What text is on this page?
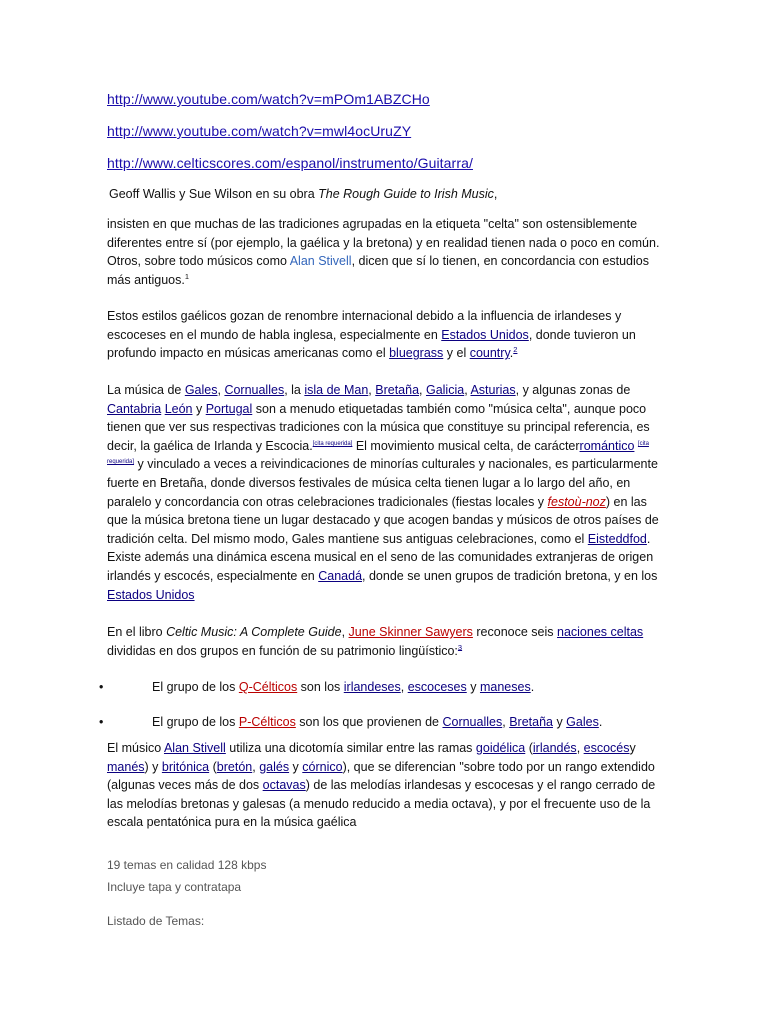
http://www.youtube.com/watch?v=mPOm1ABZCHo
http://www.youtube.com/watch?v=mwl4ocUruZY
http://www.celticscores.com/espanol/instrumento/Guitarra/
Geoff Wallis y Sue Wilson en su obra The Rough Guide to Irish Music,

insisten en que muchas de las tradiciones agrupadas en la etiqueta "celta" son ostensiblemente diferentes entre sí (por ejemplo, la gaélica y la bretona) y en realidad tienen nada o poco en común. Otros, sobre todo músicos como Alan Stivell, dicen que sí lo tienen, en concordancia con estudios más antiguos.$^1$

Estos estilos gaélicos gozan de renombre internacional debido a la influencia de irlandeses y escoceses en el mundo de habla inglesa, especialmente en Estados Unidos, donde tuvieron un profundo impacto en músicas americanas como el bluegrass y el country.$^2$

La música de Gales, Cornualles, la isla de Man, Bretaña, Galicia, Asturias, y algunas zonas de Cantabria León y Portugal son a menudo etiquetadas también como "música celta", aunque poco tienen que ver sus respectivas tradiciones con la música que constituye su principal referencia, es decir, la gaélica de Irlanda y Escocia.[cita requerida] El movimiento musical celta, de carácterromántico [cita requerida] y vinculado a veces a reivindicaciones de minorías culturales y nacionales, es particularmente fuerte en Bretaña, donde diversos festivales de música celta tienen lugar a lo largo del año, en paralelo y concordancia con otras celebraciones tradicionales (fiestas locales y festoù-noz) en las que la música bretona tiene un lugar destacado y que acogen bandas y músicos de otros países de tradición celta. Del mismo modo, Gales mantiene sus antiguas celebraciones, como el Eisteddfod. Existe además una dinámica escena musical en el seno de las comunidades extranjeras de origen irlandés y escocés, especialmente en Canadá, donde se unen grupos de tradición bretona, y en los Estados Unidos

En el libro Celtic Music: A Complete Guide, June Skinner Sawyers reconoce seis naciones celtas divididas en dos grupos en función de su patrimonio lingüístico:$^3$

•	El grupo de los Q-Célticos son los irlandeses, escoceses y maneses.
•	El grupo de los P-Célticos son los que provienen de Cornualles, Bretaña y Gales.

El músico Alan Stivell utiliza una dicotomía similar entre las ramas goidélica (irlandés, escocésy manés) y britónica (bretón, galés y córnico), que se diferencian "sobre todo por un rango extendido (algunas veces más de dos octavas) de las melodías irlandesas y escocesas y el rango cerrado de las melodías bretonas y galesas (a menudo reducido a media octava), y por el frecuente uso de la escala pentatónica pura en la música gaélica

19 temas en calidad 128 kbps
Incluye tapa y contratapa
Listado de Temas:
